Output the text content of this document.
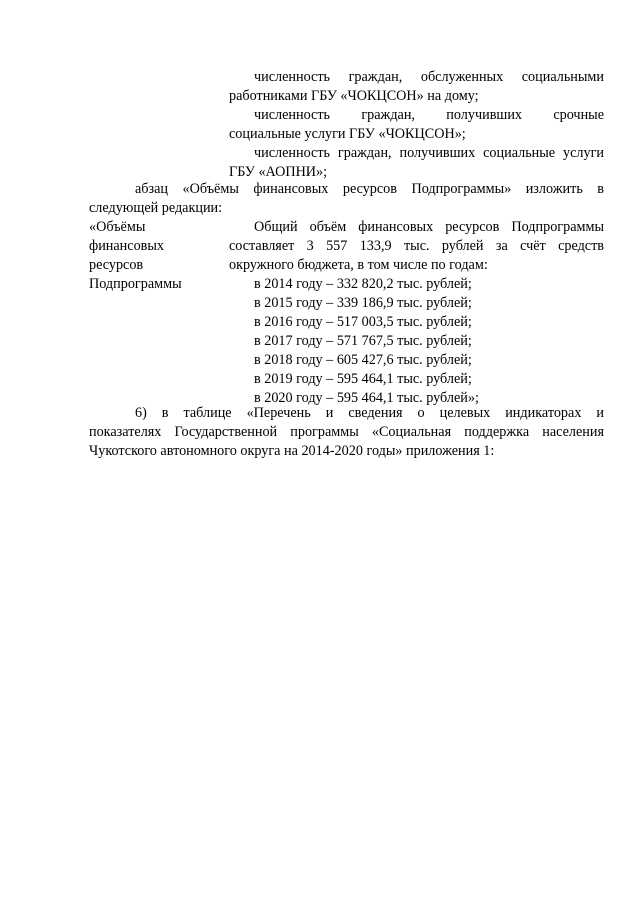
численность граждан, обслуженных социальными
работниками ГБУ «ЧОКЦСОН» на дому;
численность граждан, получивших срочные
социальные услуги ГБУ «ЧОКЦСОН»;
численность граждан, получивших социальные услуги
ГБУ «АОПНИ»;
абзац «Объёмы финансовых ресурсов Подпрограммы» изложить в
следующей редакции:
«Объёмы
финансовых
ресурсов
Подпрограммы
Общий объём финансовых ресурсов Подпрограммы
составляет 3 557 133,9 тыс. рублей за счёт средств
окружного бюджета, в том числе по годам:
в 2014 году – 332 820,2 тыс. рублей;
в 2015 году – 339 186,9 тыс. рублей;
в 2016 году – 517 003,5 тыс. рублей;
в 2017 году – 571 767,5 тыс. рублей;
в 2018 году – 605 427,6 тыс. рублей;
в 2019 году – 595 464,1 тыс. рублей;
в 2020 году – 595 464,1 тыс. рублей»;
6) в таблице «Перечень и сведения о целевых индикаторах и
показателях Государственной программы «Социальная поддержка населения
Чукотского автономного округа на 2014-2020 годы» приложения 1:
